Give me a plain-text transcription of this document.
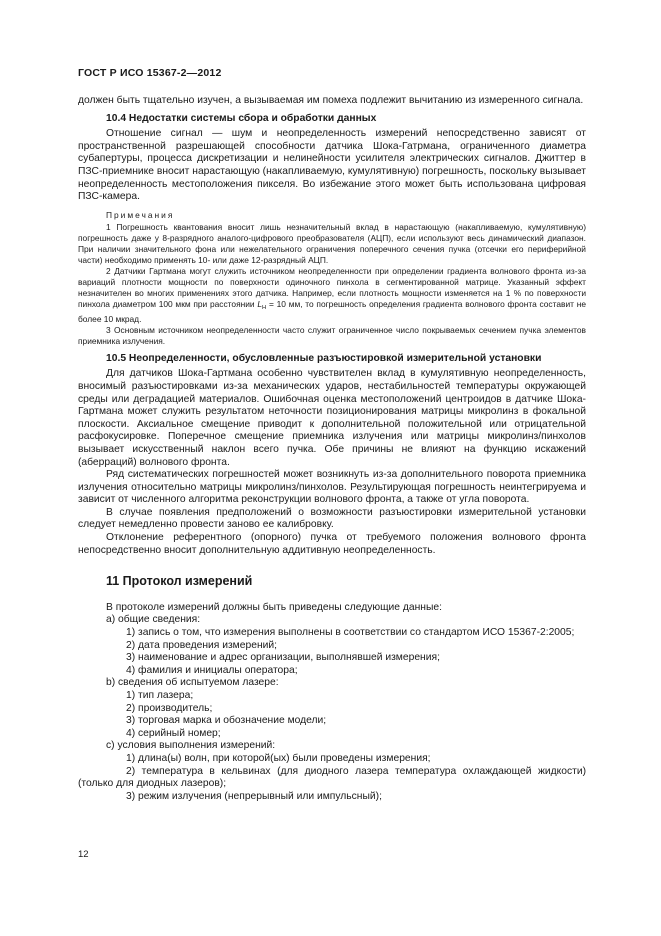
ГОСТ Р ИСО 15367-2—2012

должен быть тщательно изучен, а вызываемая им помеха подлежит вычитанию из измеренного сигнала.

10.4 Недостатки системы сбора и обработки данных

Отношение сигнал — шум и неопределенность измерений непосредственно зависят от пространственной разрешающей способности датчика Шока-Гатрмана, ограниченного диаметра субапертуры, процесса дискретизации и нелинейности усилителя электрических сигналов. Джиттер в ПЗС-приемнике вносит нарастающую (накапливаемую, кумулятивную) погрешность, поскольку вызывает неопределенность местоположения пикселя. Во избежание этого может быть использована цифровая ПЗС-камера.

Примечания

1 Погрешность квантования вносит лишь незначительный вклад в нарастающую (накапливаемую, кумулятивную) погрешность даже у 8-разрядного аналого-цифрового преобразователя (АЦП), если используют весь динамический диапазон. При наличии значительного фона или нежелательного ограничения поперечного сечения пучка (отсечки его периферийной части) необходимо применять 10- или даже 12-разрядный АЦП.

2 Датчики Гартмана могут служить источником неопределенности при определении градиента волнового фронта из-за вариаций плотности мощности по поверхности одиночного пинхола в сегментированной матрице. Указанный эффект незначителен во многих применениях этого датчика. Например, если плотность мощности изменяется на 1 % по поверхности пинхола диаметром 100 мкм при расстоянии $L_H = 10$ мм, то погрешность определения градиента волнового фронта составит не более 10 мкрад.

3 Основным источником неопределенности часто служит ограниченное число покрываемых сечением пучка элементов приемника излучения.

10.5 Неопределенности, обусловленные разъюстировкой измерительной установки

Для датчиков Шока-Гартмана особенно чувствителен вклад в кумулятивную неопределенность, вносимый разъюстировками из-за механических ударов, нестабильностей температуры окружающей среды или деградацией материалов. Ошибочная оценка местоположений центроидов в датчике Шока-Гартмана может служить результатом неточности позиционирования матрицы микролинз в фокальной плоскости. Аксиальное смещение приводит к дополнительной положительной или отрицательной расфокусировке. Поперечное смещение приемника излучения или матрицы микролинз/пинхолов вызывает искусственный наклон всего пучка. Обе причины не влияют на функцию искажений (аберраций) волнового фронта.

Ряд систематических погрешностей может возникнуть из-за дополнительного поворота приемника излучения относительно матрицы микролинз/пинхолов. Результирующая погрешность неинтегрируема и зависит от численного алгоритма реконструкции волнового фронта, а также от угла поворота.

В случае появления предположений о возможности разъюстировки измерительной установки следует немедленно провести заново ее калибровку.

Отклонение референтного (опорного) пучка от требуемого положения волнового фронта непосредственно вносит дополнительную аддитивную неопределенность.

11 Протокол измерений

В протоколе измерений должны быть приведены следующие данные:

а) общие сведения:

1) запись о том, что измерения выполнены в соответствии со стандартом ИСО 15367-2:2005;

2) дата проведения измерений;

3) наименование и адрес организации, выполнявшей измерения;

4) фамилия и инициалы оператора;

b) сведения об испытуемом лазере:

1) тип лазера;

2) производитель;

3) торговая марка и обозначение модели;

4) серийный номер;

с) условия выполнения измерений:

1) длина(ы) волн, при которой(ых) были проведены измерения;

2) температура в кельвинах (для диодного лазера температура охлаждающей жидкости) (только для диодных лазеров);

3) режим излучения (непрерывный или импульсный);

12
